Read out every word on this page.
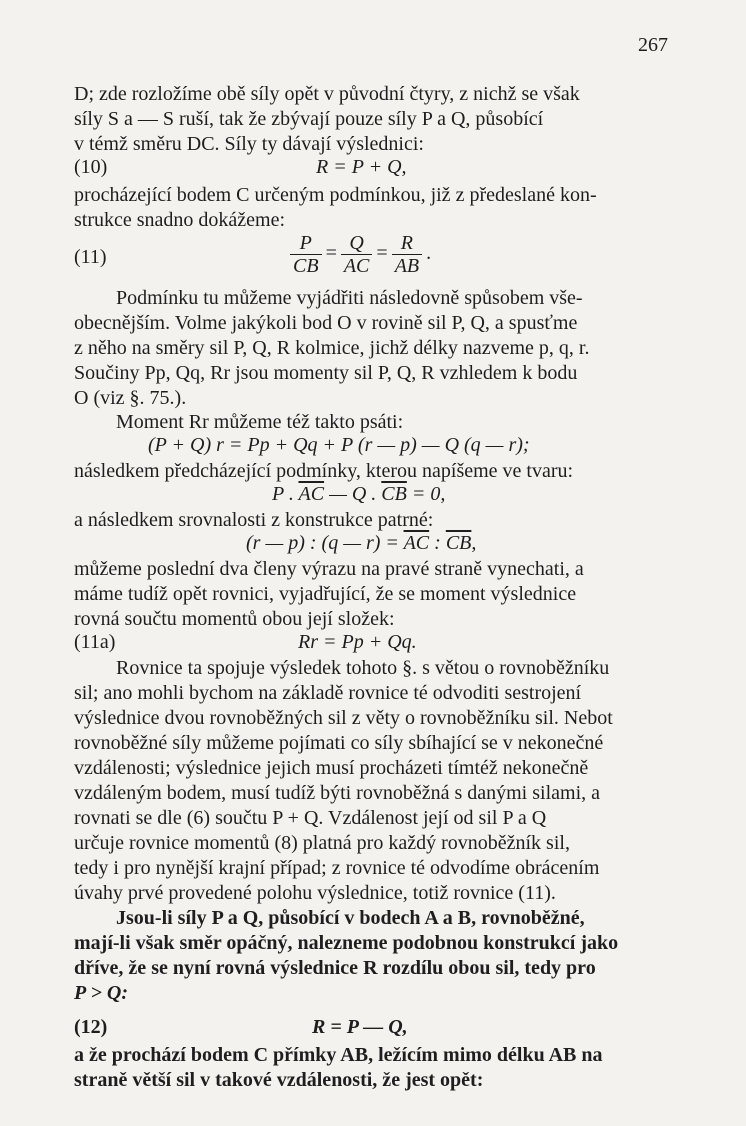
267
D; zde rozložíme obě síly opět v původní čtyry, z nichž se však
síly S a — S ruší, tak že zbývají pouze síly P a Q, působící
v témž směru DC. Síly ty dávají výslednici:
(10)	R = P + Q,
procházející bodem C určeným podmínkou, již z předeslané kon-
strukce snadno dokážeme:
(11)	$\frac{P}{CB} = \frac{Q}{AC} = \frac{R}{AB}$ .
Podmínku tu můžeme vyjádřiti následovně spůsobem vše-
obecnějším. Volme jakýkoli bod O v rovině sil P, Q, a spusťme
z něho na směry sil P, Q, R kolmice, jichž délky nazveme p, q, r.
Součiny Pp, Qq, Rr jsou momenty sil P, Q, R vzhledem k bodu
O (viz §. 75.).
Moment Rr můžeme též takto psáti:
(P + Q) r = Pp + Qq + P (r — p) — Q (q — r);
následkem předcházející podmínky, kterou napíšeme ve tvaru:
P . $\overline{AC}$ — Q . $\overline{CB} = 0$,
a následkem srovnalosti z konstrukce patrné:
(r — p) : (q — $r) = \overline{AC}$ : $\overline{CB}$,
můžeme poslední dva členy výrazu na pravé straně vynechati, a
máme tudíž opět rovnici, vyjadřující, že se moment výslednice
rovná součtu momentů obou její složek:
(11a)	Rr = Pp + Qq.
Rovnice ta spojuje výsledek tohoto §. s větou o rovnoběžníku
sil; ano mohli bychom na základě rovnice té odvoditi sestrojení
výslednice dvou rovnoběžných sil z věty o rovnoběžníku sil. Nebot
rovnoběžné síly můžeme pojímati co síly sbíhající se v nekonečné
vzdálenosti; výslednice jejich musí procházeti tímtéž nekonečně
vzdáleným bodem, musí tudíž býti rovnoběžná s danými silami, a
rovnati se dle (6) součtu P + Q. Vzdálenost její od sil P a Q
určuje rovnice momentů (8) platná pro každý rovnoběžník sil,
tedy i pro nynější krajní případ; z rovnice té odvodíme obrácením
úvahy prvé provedené polohu výslednice, totiž rovnice (11).
Jsou-li síly P a Q, působící v bodech A a B, rovnoběžné,
mají-li však směr opáčný, nalezneme podobnou konstrukcí jako
dříve, že se nyní rovná výslednice R rozdílu obou sil, tedy pro
P > Q:
(12)	R = P — Q,
a že prochází bodem C přímky AB, ležícím mimo délku AB na
straně větší sil v takové vzdálenosti, že jest opět:
